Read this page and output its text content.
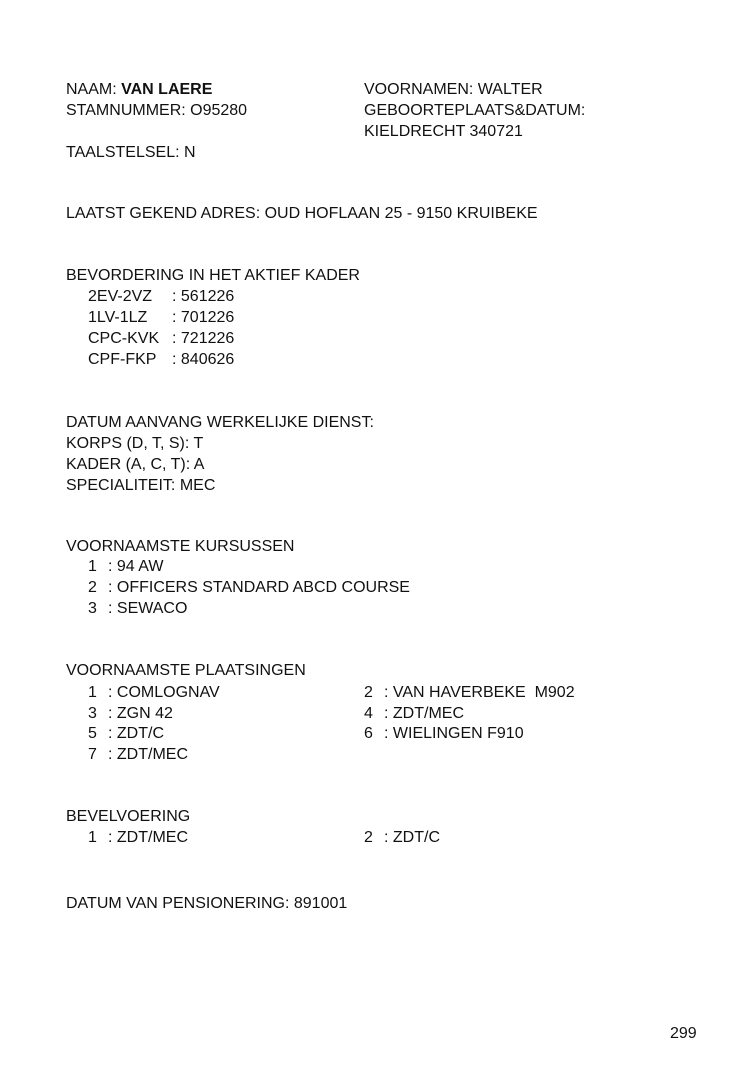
NAAM: VAN LAERE	VOORNAMEN: WALTER
STAMNUMMER: O95280	GEBOORTEPLAATS&DATUM:
KIELDRECHT 340721
TAALSTELSEL: N
LAATST GEKEND ADRES: OUD HOFLAAN 25 - 9150 KRUIBEKE
BEVORDERING IN HET AKTIEF KADER
2EV-2VZ : 561226
1LV-1LZ : 701226
CPC-KVK : 721226
CPF-FKP : 840626
DATUM AANVANG WERKELIJKE DIENST:
KORPS (D, T, S): T
KADER (A, C, T): A
SPECIALITEIT: MEC
VOORNAAMSTE KURSUSSEN
1 : 94 AW
2 : OFFICERS STANDARD ABCD COURSE
3 : SEWACO
VOORNAAMSTE PLAATSINGEN
1 : COMLOGNAV	2 : VAN HAVERBEKE  M902
3 : ZGN 42	4 : ZDT/MEC
5 : ZDT/C	6 : WIELINGEN F910
7 : ZDT/MEC
BEVELVOERING
1 : ZDT/MEC	2 : ZDT/C
DATUM VAN PENSIONERING: 891001
299
